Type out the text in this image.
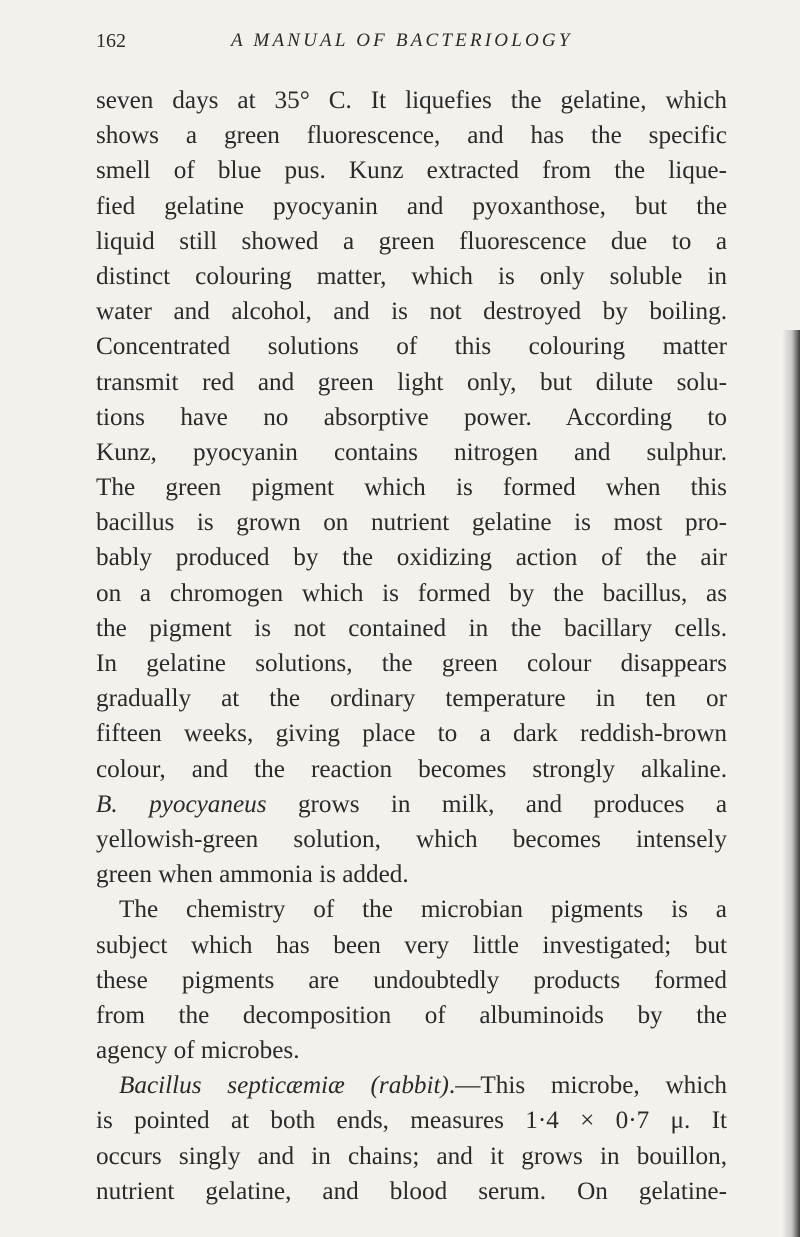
162	A MANUAL OF BACTERIOLOGY
seven days at 35° C. It liquefies the gelatine, which
shows a green fluorescence, and has the specific
smell of blue pus. Kunz extracted from the lique-
fied gelatine pyocyanin and pyoxanthose, but the
liquid still showed a green fluorescence due to a
distinct colouring matter, which is only soluble in
water and alcohol, and is not destroyed by boiling.
Concentrated solutions of this colouring matter
transmit red and green light only, but dilute solu-
tions have no absorptive power. According to
Kunz, pyocyanin contains nitrogen and sulphur.
The green pigment which is formed when this
bacillus is grown on nutrient gelatine is most pro-
bably produced by the oxidizing action of the air
on a chromogen which is formed by the bacillus, as
the pigment is not contained in the bacillary cells.
In gelatine solutions, the green colour disappears
gradually at the ordinary temperature in ten or
fifteen weeks, giving place to a dark reddish-brown
colour, and the reaction becomes strongly alkaline.
B. pyocyaneus grows in milk, and produces a
yellowish-green solution, which becomes intensely
green when ammonia is added.
The chemistry of the microbian pigments is a
subject which has been very little investigated; but
these pigments are undoubtedly products formed
from the decomposition of albuminoids by the
agency of microbes.
Bacillus septicæmiæ (rabbit).—This microbe, which
is pointed at both ends, measures 1·4 × 0·7 μ. It
occurs singly and in chains; and it grows in bouillon,
nutrient gelatine, and blood serum. On gelatine-
